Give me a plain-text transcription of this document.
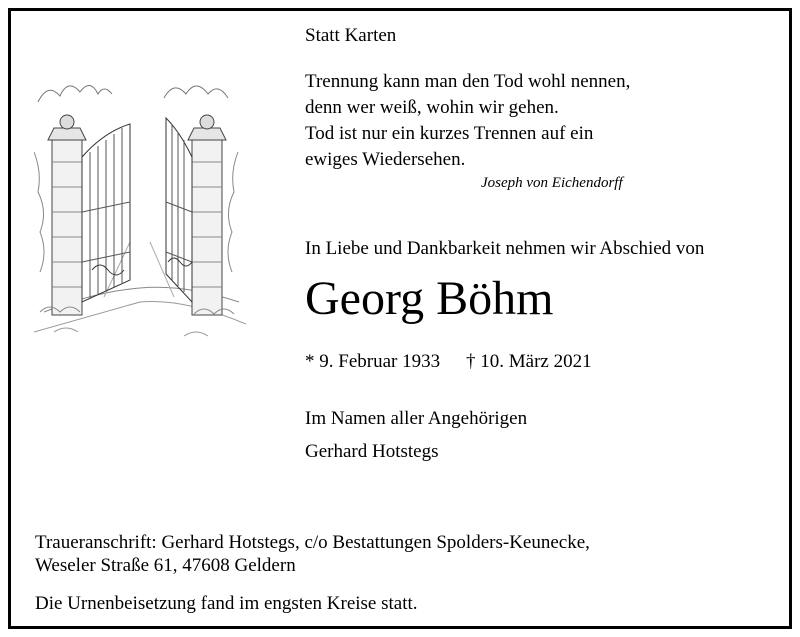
Statt Karten
Trennung kann man den Tod wohl nennen,
denn wer weiß, wohin wir gehen.
Tod ist nur ein kurzes Trennen auf ein
ewiges Wiedersehen.
Joseph von Eichendorff
In Liebe und Dankbarkeit nehmen wir Abschied von
Georg Böhm
* 9. Februar 1933 † 10. März 2021
Im Namen aller Angehörigen
Gerhard Hotstegs
Traueranschrift: Gerhard Hotstegs, c/o Bestattungen Spolders-Keunecke,
Weseler Straße 61, 47608 Geldern
Die Urnenbeisetzung fand im engsten Kreise statt.
